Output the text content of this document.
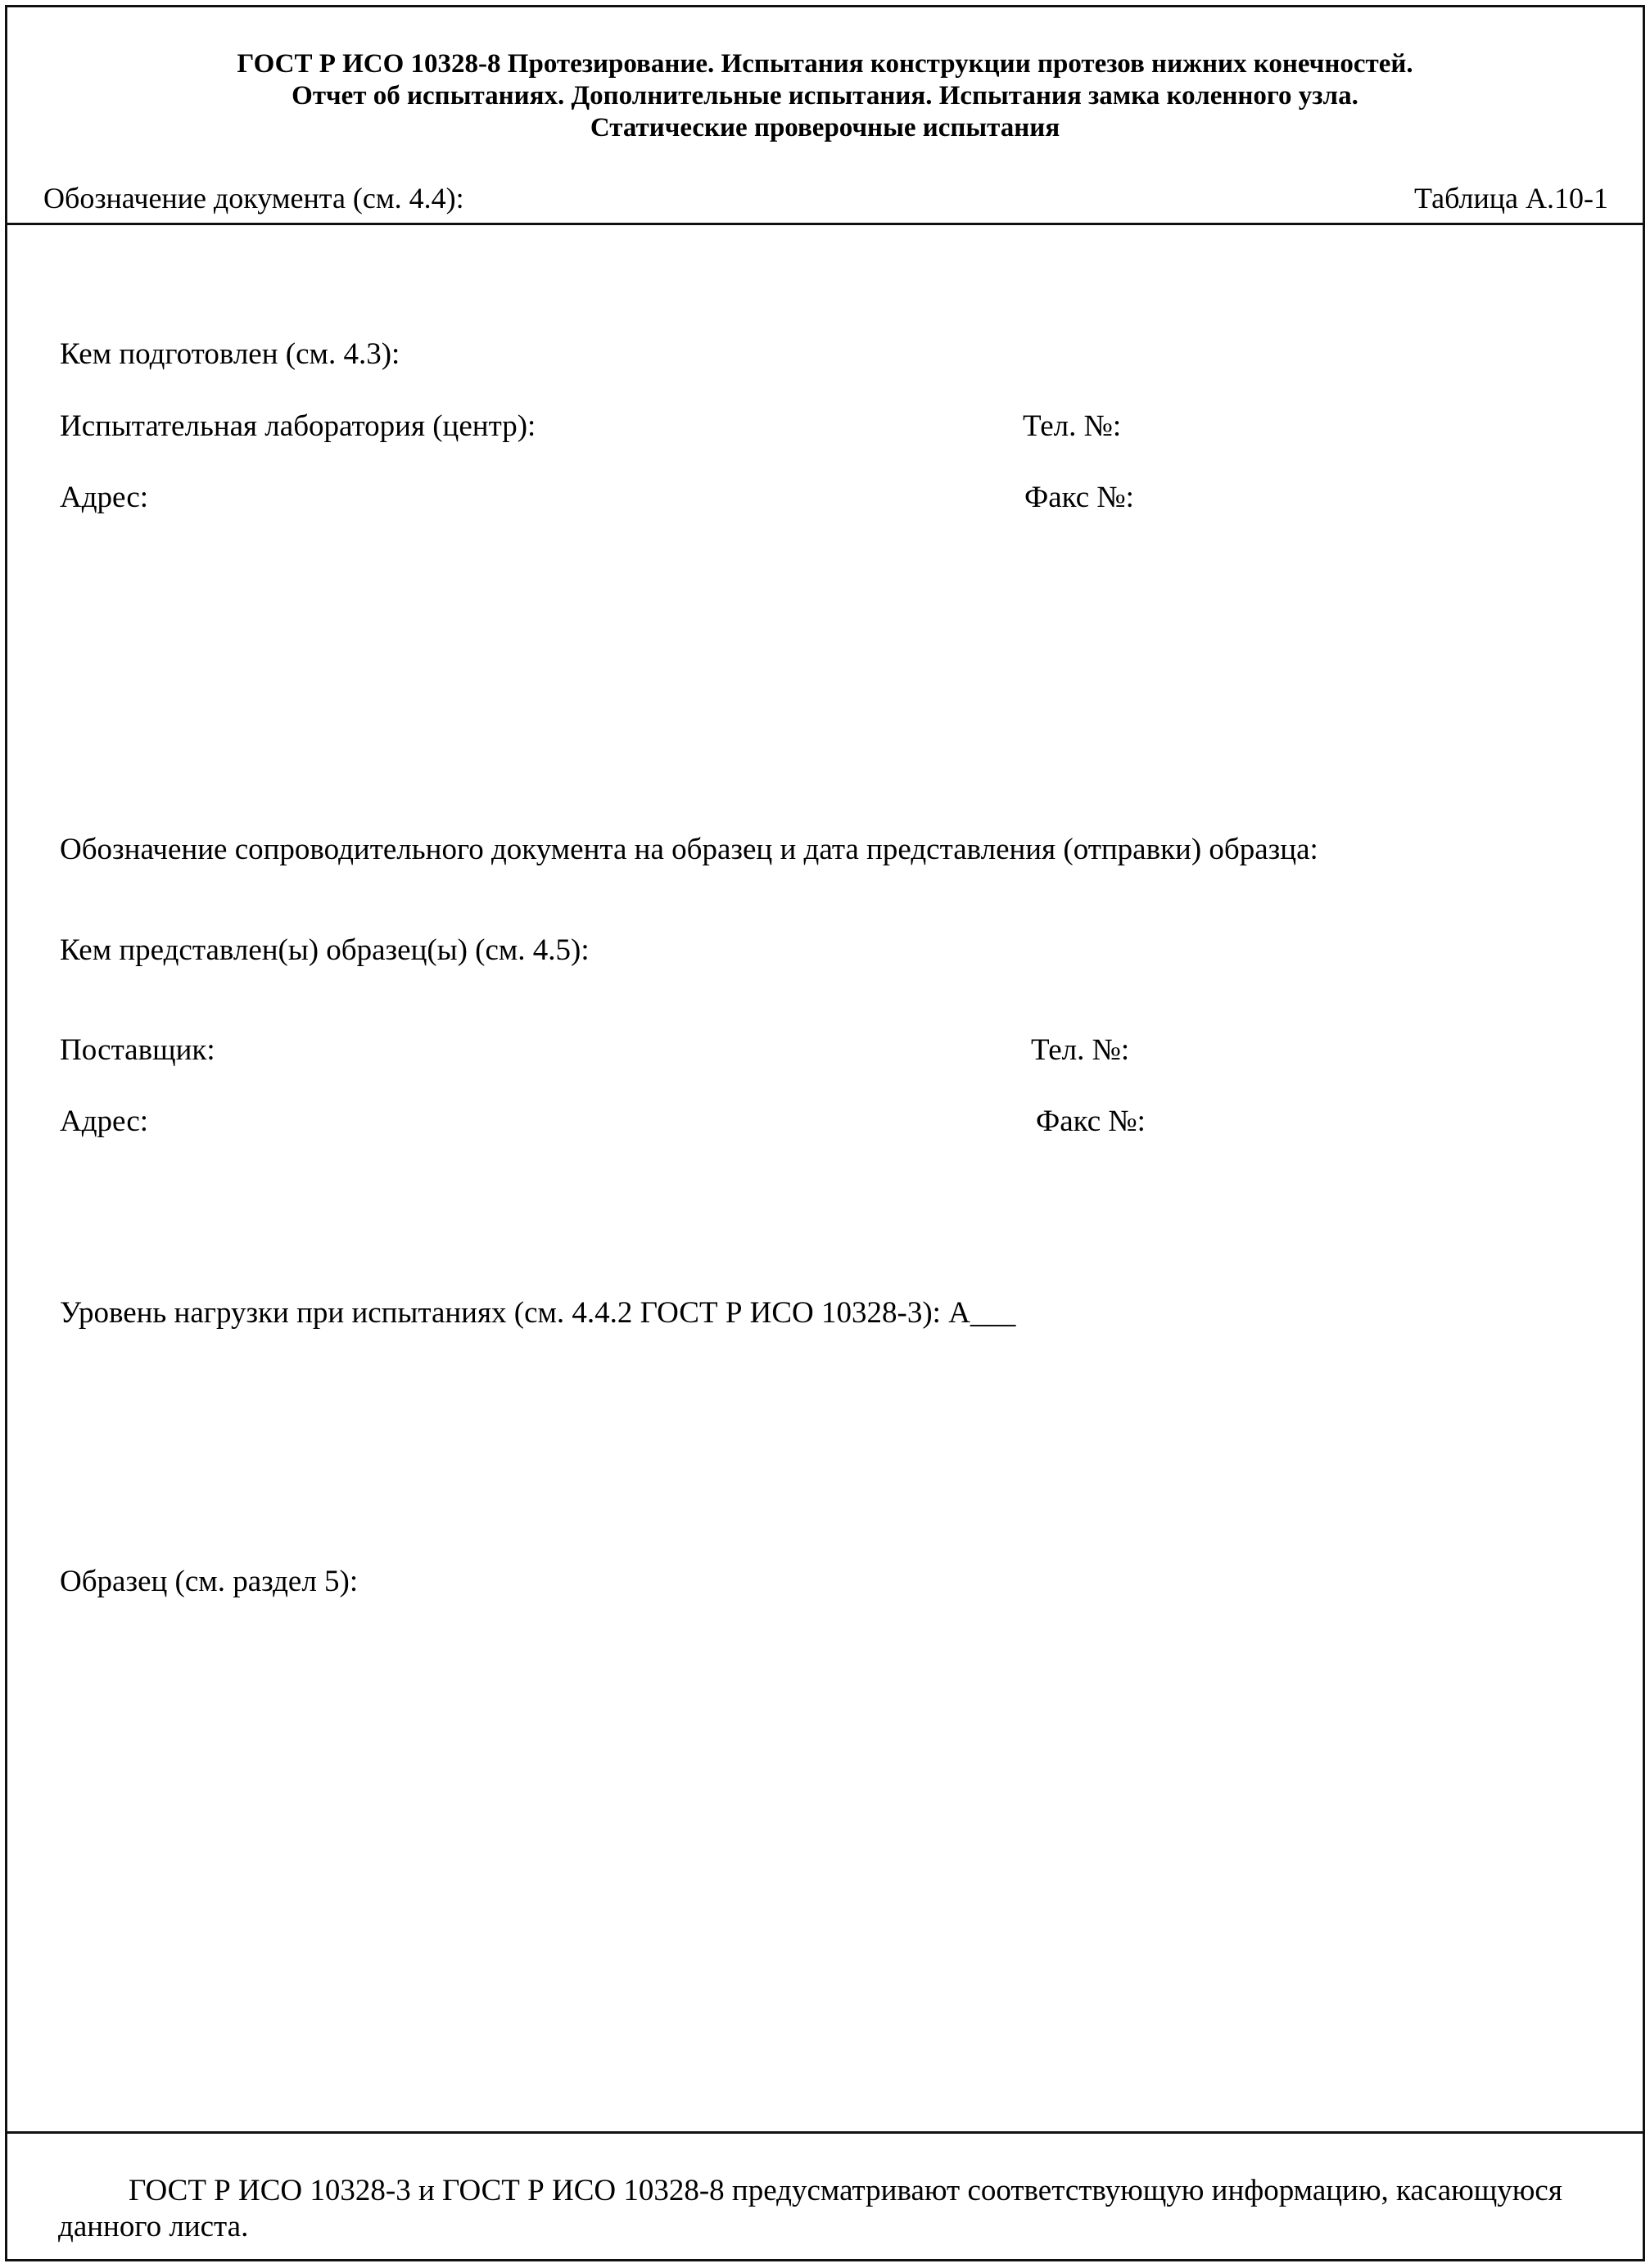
ГОСТ Р ИСО 10328-8 Протезирование. Испытания конструкции протезов нижних конечностей.
Отчет об испытаниях. Дополнительные испытания. Испытания замка коленного узла.
Статические проверочные испытания
Обозначение документа (см. 4.4):	Таблица А.10-1
Кем подготовлен (см. 4.3):
Испытательная лаборатория (центр):	Тел. №:
Адрес:	Факс №:
Обозначение сопроводительного документа на образец и дата представления (отправки) образца:
Кем представлен(ы) образец(ы) (см. 4.5):
Поставщик:	Тел. №:
Адрес:	Факс №:
Уровень нагрузки при испытаниях (см. 4.4.2 ГОСТ Р ИСО 10328-3): А___
Образец (см. раздел 5):
ГОСТ Р ИСО 10328-3 и ГОСТ Р ИСО 10328-8 предусматривают соответствующую информацию, касающуюся данного листа.
